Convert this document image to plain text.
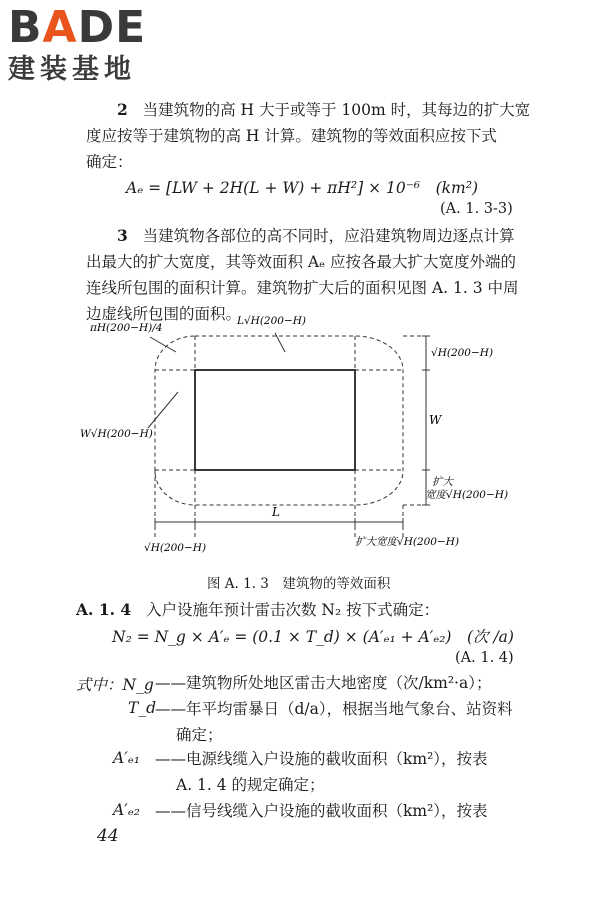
BADE
建装基地
2 当建筑物的高 H 大于或等于 100m 时，其每边的扩大宽
度应按等于建筑物的高 H 计算。建筑物的等效面积应按下式
确定：
Aₑ = [LW + 2H(L + W) + πH²] × 10⁻⁶　(km²)
(A. 1. 3-3)
3 当建筑物各部位的高不同时，应沿建筑物周边逐点计算
出最大的扩大宽度，其等效面积 Aₑ 应按各最大扩大宽度外端的
连线所包围的面积计算。建筑物扩大后的面积见图 A. 1. 3 中周
边虚线所包围的面积。
πH(200−H)/4
L√H(200−H)
√H(200−H)
W
W√H(200−H)
扩大
宽度√H(200−H)
L
√H(200−H)	扩大宽度√H(200−H)
图 A. 1. 3　建筑物的等效面积
A. 1. 4 入户设施年预计雷击次数 N₂ 按下式确定：
N₂ = N_g × A′ₑ = (0.1 × T_d) × (A′ₑ₁ + A′ₑ₂)　(次 /a)
(A. 1. 4)
式中：N_g ——建筑物所处地区雷击大地密度（次/km²·a）；
T_d
——年平均雷暴日（d/a），根据当地气象台、站资料
确定；
A′ₑ₁ ——电源线缆入户设施的截收面积（km²），按表
A. 1. 4 的规定确定；
A′ₑ₂ ——信号线缆入户设施的截收面积（km²），按表
44
